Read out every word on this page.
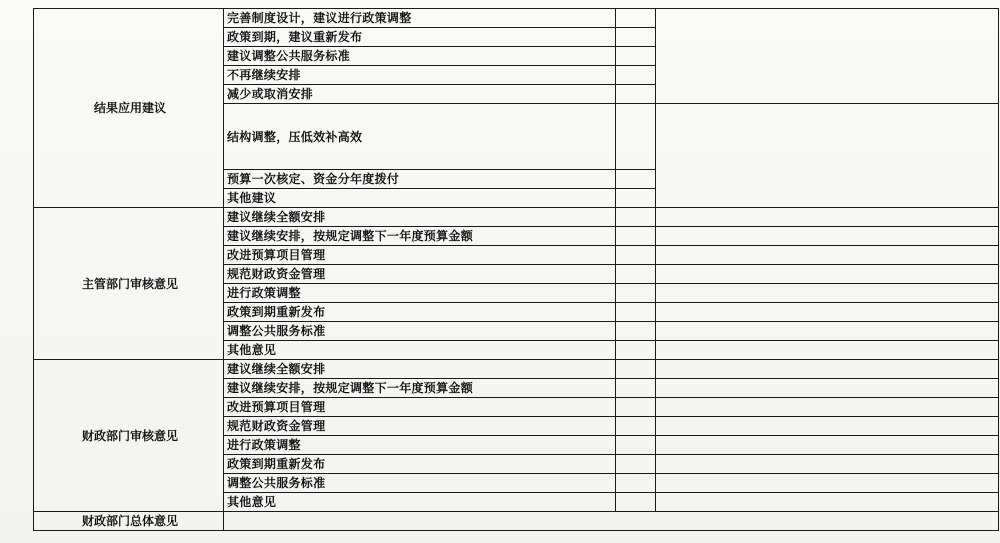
结果应用建议	完善制度设计，建议进行政策调整		
	政策到期，建议重新发布		
	建议调整公共服务标准		
	不再继续安排		
	减少或取消安排		
	结构调整，压低效补高效		
	预算一次核定、资金分年度拨付		
	其他建议		
主管部门审核意见	建议继续全额安排		
	建议继续安排，按规定调整下一年度预算金额		
	改进预算项目管理		
	规范财政资金管理		
	进行政策调整		
	政策到期重新发布		
	调整公共服务标准		
	其他意见		
财政部门审核意见	建议继续全额安排		
	建议继续安排，按规定调整下一年度预算金额		
	改进预算项目管理		
	规范财政资金管理		
	进行政策调整		
	政策到期重新发布		
	调整公共服务标准		
	其他意见		
财政部门总体意见			
